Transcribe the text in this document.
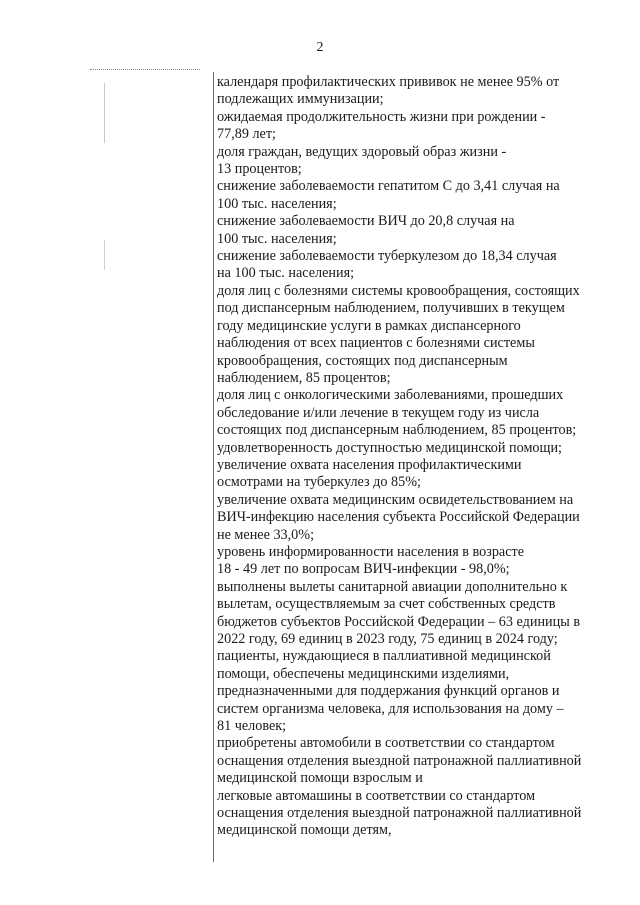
2
календаря профилактических прививок не менее 95% от
подлежащих иммунизации;
ожидаемая продолжительность жизни при рождении -
77,89 лет;
доля граждан, ведущих здоровый образ жизни -
13 процентов;
снижение заболеваемости гепатитом С до 3,41 случая на
100 тыс. населения;
снижение заболеваемости ВИЧ до 20,8 случая на
100 тыс. населения;
снижение заболеваемости туберкулезом до 18,34 случая
на 100 тыс. населения;
доля лиц с болезнями системы кровообращения, состоящих
под диспансерным наблюдением, получивших в текущем
году медицинские услуги в рамках диспансерного
наблюдения от всех пациентов с болезнями системы
кровообращения, состоящих под диспансерным
наблюдением, 85 процентов;
доля лиц с онкологическими заболеваниями, прошедших
обследование и/или лечение в текущем году из числа
состоящих под диспансерным наблюдением, 85 процентов;
удовлетворенность доступностью медицинской помощи;
увеличение охвата населения профилактическими
осмотрами на туберкулез до 85%;
увеличение охвата медицинским освидетельствованием на
ВИЧ-инфекцию населения субъекта Российской Федерации
не менее 33,0%;
уровень информированности населения в возрасте
18 - 49 лет по вопросам ВИЧ-инфекции - 98,0%;
выполнены вылеты санитарной авиации дополнительно к
вылетам, осуществляемым за счет собственных средств
бюджетов субъектов Российской Федерации – 63 единицы в
2022 году, 69 единиц в 2023 году, 75 единиц в 2024 году;
пациенты, нуждающиеся в паллиативной медицинской
помощи, обеспечены медицинскими изделиями,
предназначенными для поддержания функций органов и
систем организма человека, для использования на дому –
81 человек;
приобретены автомобили в соответствии со стандартом
оснащения отделения выездной патронажной паллиативной
медицинской помощи взрослым и
легковые автомашины в соответствии со стандартом
оснащения отделения выездной патронажной паллиативной
медицинской помощи детям,
